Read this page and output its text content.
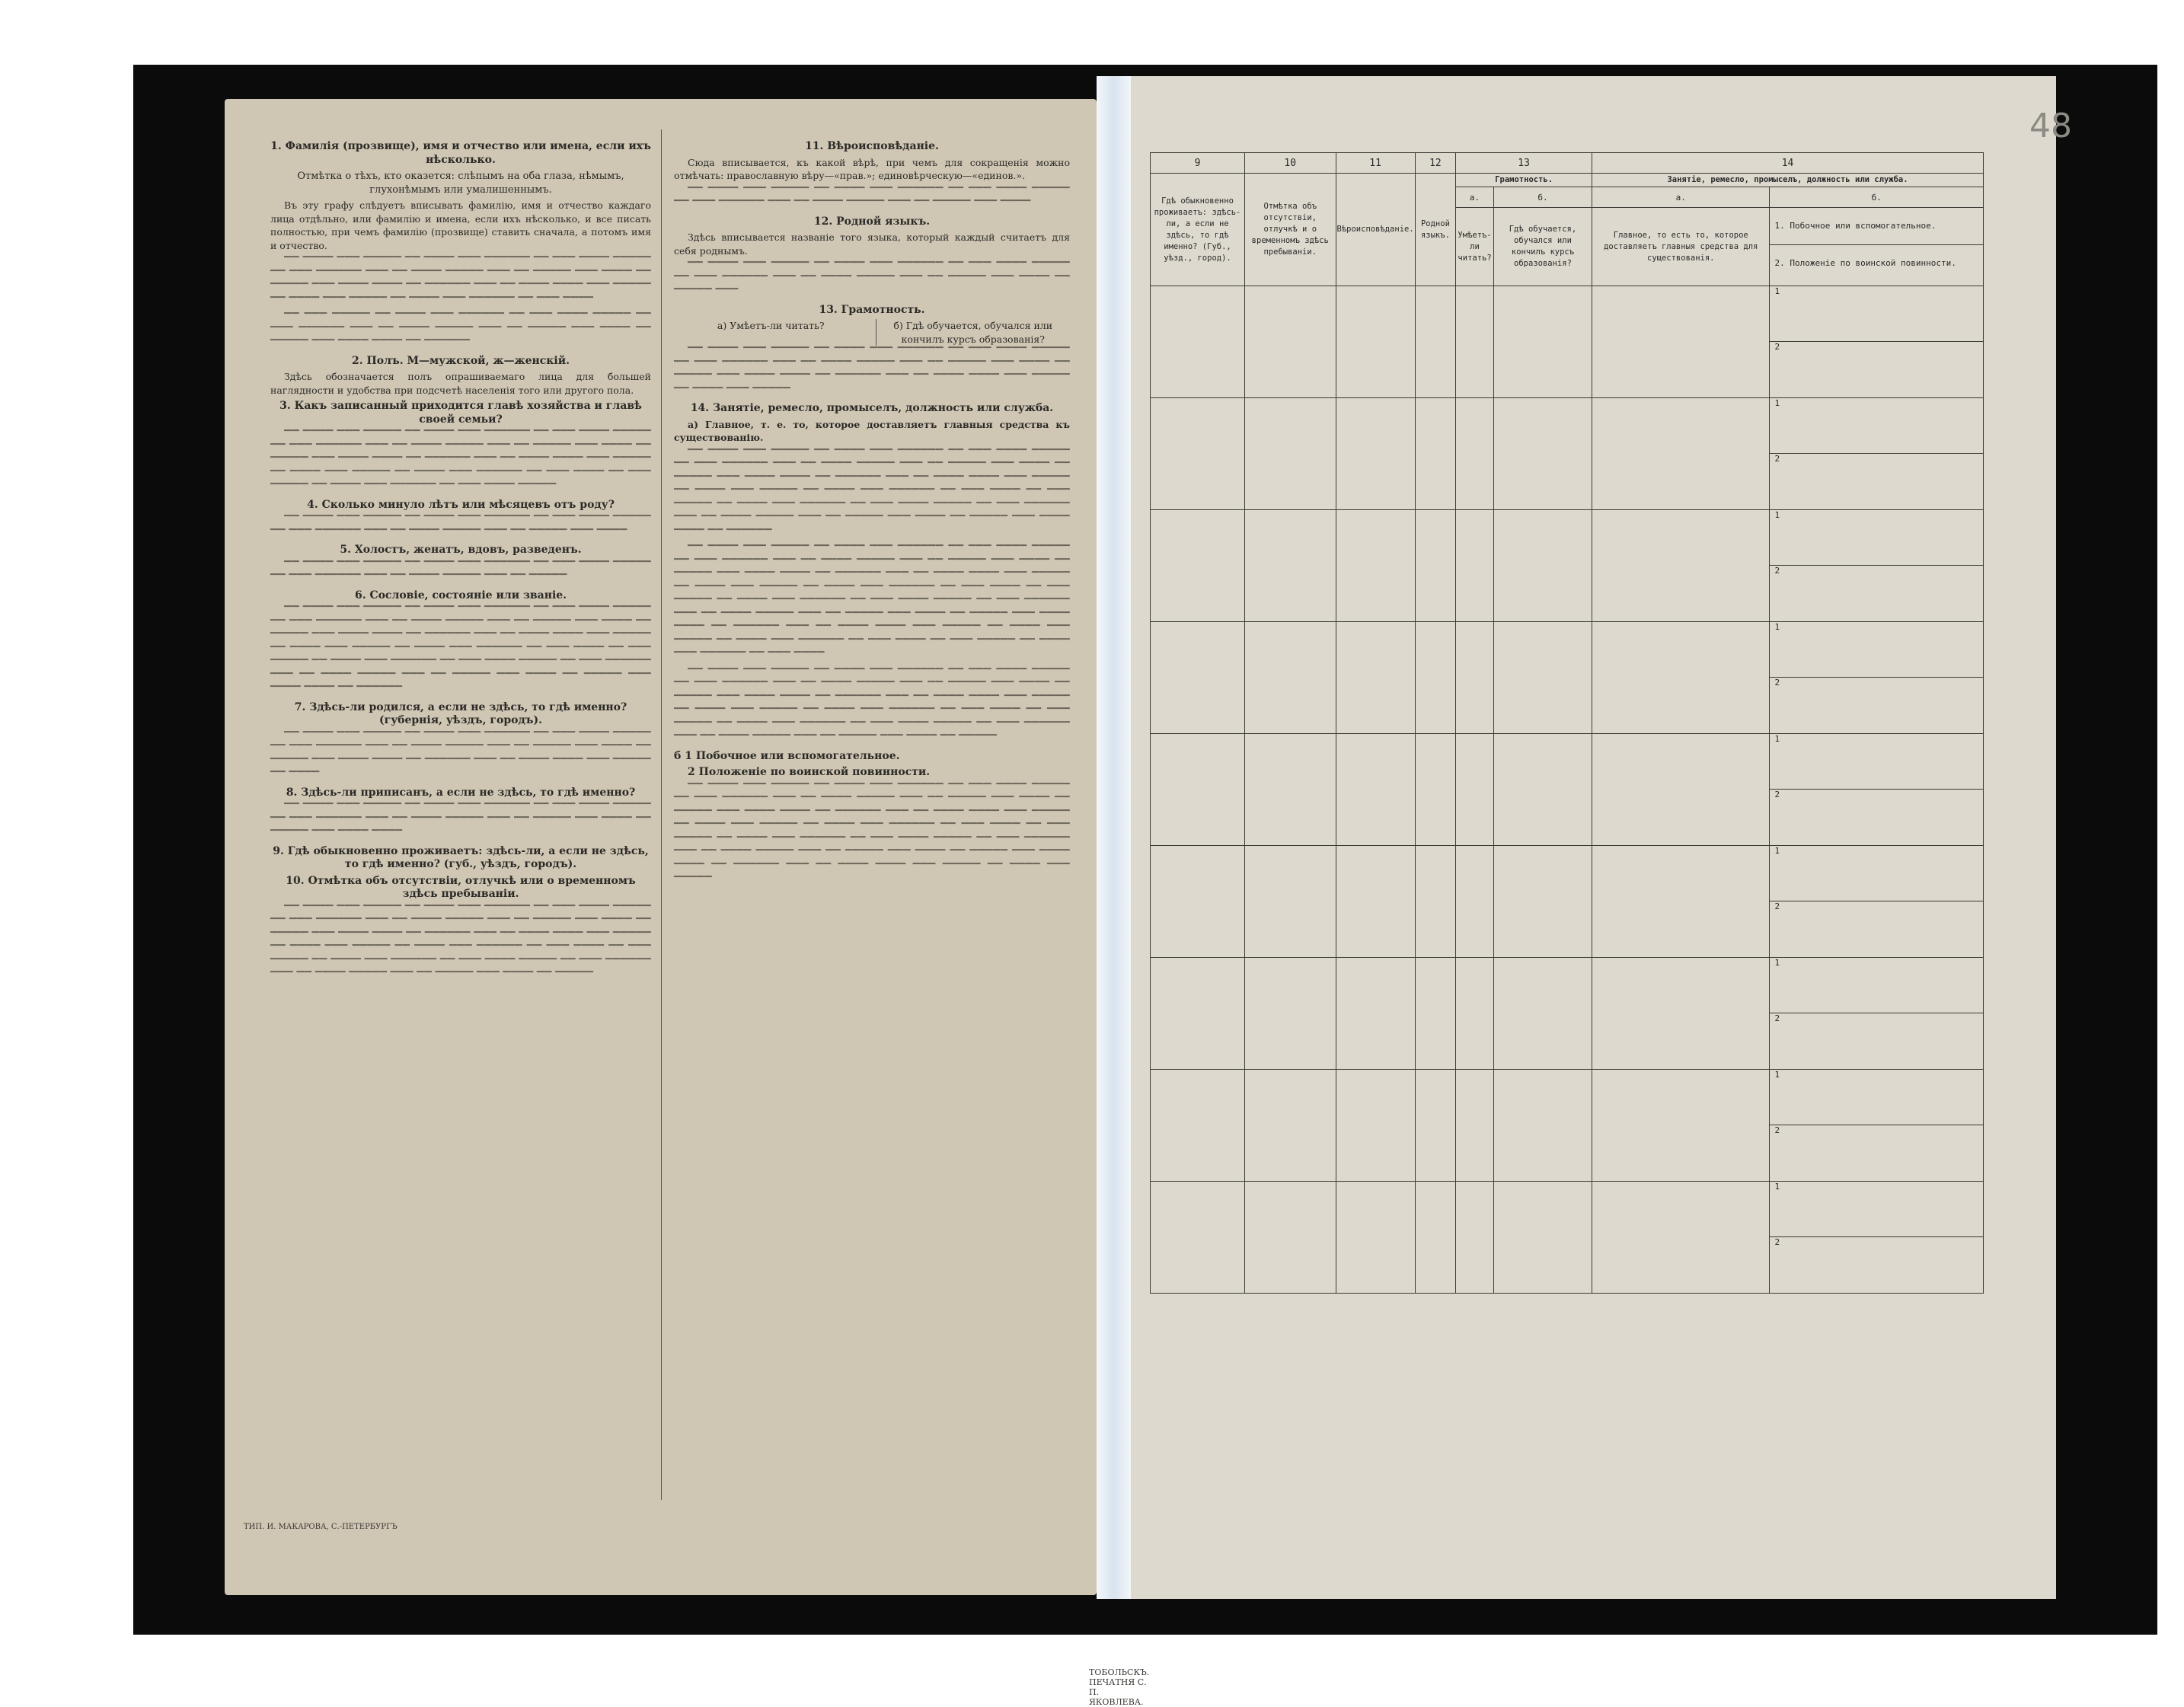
1. Фамилія (прозвище), имя и отчество или имена, если ихъ нѣсколько.
Отмѣтка о тѣхъ, кто оказется: слѣпымъ на оба глаза, нѣмымъ, глухонѣмымъ или умалишеннымъ.

Въ эту графу слѣдуетъ вписывать фамилію, имя и отчество каждаго лица отдѣльно, или фамилію и имена, если ихъ нѣсколько, и все писать полностью, при чемъ фамилію (прозвище) ставить сначала, а потомъ имя и отчество.

▔▔ ▔▔▔▔ ▔▔▔ ▔▔▔▔▔ ▔▔ ▔▔▔▔ ▔▔▔ ▔▔▔▔▔▔ ▔▔ ▔▔▔ ▔▔▔▔ ▔▔▔▔▔ ▔▔ ▔▔▔ ▔▔▔▔▔▔ ▔▔▔ ▔▔ ▔▔▔▔ ▔▔▔▔▔ ▔▔▔ ▔▔ ▔▔▔▔▔ ▔▔▔ ▔▔▔▔ ▔▔ ▔▔▔▔▔ ▔▔▔ ▔▔▔▔ ▔▔▔▔ ▔▔ ▔▔▔▔▔▔ ▔▔▔ ▔▔ ▔▔▔▔ ▔▔▔▔ ▔▔▔ ▔▔▔▔▔ ▔▔ ▔▔▔▔ ▔▔▔ ▔▔▔▔▔ ▔▔ ▔▔▔▔ ▔▔▔ ▔▔▔▔▔▔ ▔▔ ▔▔▔ ▔▔▔▔

▔▔ ▔▔▔ ▔▔▔▔▔ ▔▔ ▔▔▔▔ ▔▔▔ ▔▔▔▔▔▔ ▔▔ ▔▔▔ ▔▔▔▔ ▔▔▔▔▔ ▔▔ ▔▔▔ ▔▔▔▔▔▔ ▔▔▔ ▔▔ ▔▔▔▔ ▔▔▔▔▔ ▔▔▔ ▔▔ ▔▔▔▔▔ ▔▔▔ ▔▔▔▔ ▔▔ ▔▔▔▔▔ ▔▔▔ ▔▔▔▔ ▔▔▔▔ ▔▔ ▔▔▔▔▔▔

2. Полъ. М—мужской, ж—женскій.

Здѣсь обозначается полъ опрашиваемаго лица для большей наглядности и удобства при подсчетѣ населенія того или другого пола.

3. Какъ записанный приходится главѣ хозяйства и главѣ своей семьи?

▔▔ ▔▔▔▔ ▔▔▔ ▔▔▔▔▔ ▔▔ ▔▔▔▔ ▔▔▔ ▔▔▔▔▔▔ ▔▔ ▔▔▔ ▔▔▔▔ ▔▔▔▔▔ ▔▔ ▔▔▔ ▔▔▔▔▔▔ ▔▔▔ ▔▔ ▔▔▔▔ ▔▔▔▔▔ ▔▔▔ ▔▔ ▔▔▔▔▔ ▔▔▔ ▔▔▔▔ ▔▔ ▔▔▔▔▔ ▔▔▔ ▔▔▔▔ ▔▔▔▔ ▔▔ ▔▔▔▔▔▔ ▔▔▔ ▔▔ ▔▔▔▔ ▔▔▔▔ ▔▔▔ ▔▔▔▔▔ ▔▔ ▔▔▔▔ ▔▔▔ ▔▔▔▔▔ ▔▔ ▔▔▔▔ ▔▔▔ ▔▔▔▔▔▔ ▔▔ ▔▔▔ ▔▔▔▔ ▔▔ ▔▔▔ ▔▔▔▔▔ ▔▔ ▔▔▔▔ ▔▔▔ ▔▔▔▔▔▔ ▔▔ ▔▔▔ ▔▔▔▔ ▔▔▔▔▔

4. Сколько минуло лѣтъ или мѣсяцевъ отъ роду?

▔▔ ▔▔▔▔ ▔▔▔ ▔▔▔▔▔ ▔▔ ▔▔▔▔ ▔▔▔ ▔▔▔▔▔▔ ▔▔ ▔▔▔ ▔▔▔▔ ▔▔▔▔▔ ▔▔ ▔▔▔ ▔▔▔▔▔▔ ▔▔▔ ▔▔ ▔▔▔▔ ▔▔▔▔▔ ▔▔▔ ▔▔ ▔▔▔▔▔ ▔▔▔ ▔▔▔▔

5. Холостъ, женатъ, вдовъ, разведенъ.

▔▔ ▔▔▔▔ ▔▔▔ ▔▔▔▔▔ ▔▔ ▔▔▔▔ ▔▔▔ ▔▔▔▔▔▔ ▔▔ ▔▔▔ ▔▔▔▔ ▔▔▔▔▔ ▔▔ ▔▔▔ ▔▔▔▔▔▔ ▔▔▔ ▔▔ ▔▔▔▔ ▔▔▔▔▔ ▔▔▔ ▔▔ ▔▔▔▔▔

6. Сословіе, состояніе или званіе.

▔▔ ▔▔▔▔ ▔▔▔ ▔▔▔▔▔ ▔▔ ▔▔▔▔ ▔▔▔ ▔▔▔▔▔▔ ▔▔ ▔▔▔ ▔▔▔▔ ▔▔▔▔▔ ▔▔ ▔▔▔ ▔▔▔▔▔▔ ▔▔▔ ▔▔ ▔▔▔▔ ▔▔▔▔▔ ▔▔▔ ▔▔ ▔▔▔▔▔ ▔▔▔ ▔▔▔▔ ▔▔ ▔▔▔▔▔ ▔▔▔ ▔▔▔▔ ▔▔▔▔ ▔▔ ▔▔▔▔▔▔ ▔▔▔ ▔▔ ▔▔▔▔ ▔▔▔▔ ▔▔▔ ▔▔▔▔▔ ▔▔ ▔▔▔▔ ▔▔▔ ▔▔▔▔▔ ▔▔ ▔▔▔▔ ▔▔▔ ▔▔▔▔▔▔ ▔▔ ▔▔▔ ▔▔▔▔ ▔▔ ▔▔▔ ▔▔▔▔▔ ▔▔ ▔▔▔▔ ▔▔▔ ▔▔▔▔▔▔ ▔▔ ▔▔▔ ▔▔▔▔ ▔▔▔▔▔ ▔▔ ▔▔▔ ▔▔▔▔▔▔ ▔▔▔ ▔▔ ▔▔▔▔ ▔▔▔▔▔ ▔▔▔ ▔▔ ▔▔▔▔▔ ▔▔▔ ▔▔▔▔ ▔▔ ▔▔▔▔▔ ▔▔▔ ▔▔▔▔ ▔▔▔▔ ▔▔ ▔▔▔▔▔▔

7. Здѣсь-ли родился, а если не здѣсь, то гдѣ именно? (губернія, уѣздъ, городъ).

▔▔ ▔▔▔▔ ▔▔▔ ▔▔▔▔▔ ▔▔ ▔▔▔▔ ▔▔▔ ▔▔▔▔▔▔ ▔▔ ▔▔▔ ▔▔▔▔ ▔▔▔▔▔ ▔▔ ▔▔▔ ▔▔▔▔▔▔ ▔▔▔ ▔▔ ▔▔▔▔ ▔▔▔▔▔ ▔▔▔ ▔▔ ▔▔▔▔▔ ▔▔▔ ▔▔▔▔ ▔▔ ▔▔▔▔▔ ▔▔▔ ▔▔▔▔ ▔▔▔▔ ▔▔ ▔▔▔▔▔▔ ▔▔▔ ▔▔ ▔▔▔▔ ▔▔▔▔ ▔▔▔ ▔▔▔▔▔ ▔▔ ▔▔▔▔

8. Здѣсь-ли приписанъ, а если не здѣсь, то гдѣ именно?

▔▔ ▔▔▔▔ ▔▔▔ ▔▔▔▔▔ ▔▔ ▔▔▔▔ ▔▔▔ ▔▔▔▔▔▔ ▔▔ ▔▔▔ ▔▔▔▔ ▔▔▔▔▔ ▔▔ ▔▔▔ ▔▔▔▔▔▔ ▔▔▔ ▔▔ ▔▔▔▔ ▔▔▔▔▔ ▔▔▔ ▔▔ ▔▔▔▔▔ ▔▔▔ ▔▔▔▔ ▔▔ ▔▔▔▔▔ ▔▔▔ ▔▔▔▔ ▔▔▔▔

9. Гдѣ обыкновенно проживаетъ: здѣсь-ли, а если не здѣсь, то гдѣ именно? (губ., уѣздъ, городъ).
10. Отмѣтка объ отсутствіи, отлучкѣ или о временномъ здѣсь пребываніи.

▔▔ ▔▔▔▔ ▔▔▔ ▔▔▔▔▔ ▔▔ ▔▔▔▔ ▔▔▔ ▔▔▔▔▔▔ ▔▔ ▔▔▔ ▔▔▔▔ ▔▔▔▔▔ ▔▔ ▔▔▔ ▔▔▔▔▔▔ ▔▔▔ ▔▔ ▔▔▔▔ ▔▔▔▔▔ ▔▔▔ ▔▔ ▔▔▔▔▔ ▔▔▔ ▔▔▔▔ ▔▔ ▔▔▔▔▔ ▔▔▔ ▔▔▔▔ ▔▔▔▔ ▔▔ ▔▔▔▔▔▔ ▔▔▔ ▔▔ ▔▔▔▔ ▔▔▔▔ ▔▔▔ ▔▔▔▔▔ ▔▔ ▔▔▔▔ ▔▔▔ ▔▔▔▔▔ ▔▔ ▔▔▔▔ ▔▔▔ ▔▔▔▔▔▔ ▔▔ ▔▔▔ ▔▔▔▔ ▔▔ ▔▔▔ ▔▔▔▔▔ ▔▔ ▔▔▔▔ ▔▔▔ ▔▔▔▔▔▔ ▔▔ ▔▔▔ ▔▔▔▔ ▔▔▔▔▔ ▔▔ ▔▔▔ ▔▔▔▔▔▔ ▔▔▔ ▔▔ ▔▔▔▔ ▔▔▔▔▔ ▔▔▔ ▔▔ ▔▔▔▔▔ ▔▔▔ ▔▔▔▔ ▔▔ ▔▔▔▔▔

11. Вѣроисповѣданіе.

Сюда вписывается, къ какой вѣрѣ, при чемъ для сокращенія можно отмѣчать: православную вѣру—«прав.»; единовѣрческую—«единов.».

▔▔ ▔▔▔▔ ▔▔▔ ▔▔▔▔▔ ▔▔ ▔▔▔▔ ▔▔▔ ▔▔▔▔▔▔ ▔▔ ▔▔▔ ▔▔▔▔ ▔▔▔▔▔ ▔▔ ▔▔▔ ▔▔▔▔▔▔ ▔▔▔ ▔▔ ▔▔▔▔ ▔▔▔▔▔ ▔▔▔ ▔▔ ▔▔▔▔▔ ▔▔▔ ▔▔▔▔

12. Родной языкъ.

Здѣсь вписывается названіе того языка, который каждый считаетъ для себя роднымъ.

▔▔ ▔▔▔▔ ▔▔▔ ▔▔▔▔▔ ▔▔ ▔▔▔▔ ▔▔▔ ▔▔▔▔▔▔ ▔▔ ▔▔▔ ▔▔▔▔ ▔▔▔▔▔ ▔▔ ▔▔▔ ▔▔▔▔▔▔ ▔▔▔ ▔▔ ▔▔▔▔ ▔▔▔▔▔ ▔▔▔ ▔▔ ▔▔▔▔▔ ▔▔▔ ▔▔▔▔ ▔▔ ▔▔▔▔▔ ▔▔▔

13. Грамотность.
а) Умѣетъ-ли читать?	б) Гдѣ обучается, обучался или кончилъ курсъ образованія?

▔▔ ▔▔▔▔ ▔▔▔ ▔▔▔▔▔ ▔▔ ▔▔▔▔ ▔▔▔ ▔▔▔▔▔▔ ▔▔ ▔▔▔ ▔▔▔▔ ▔▔▔▔▔ ▔▔ ▔▔▔ ▔▔▔▔▔▔ ▔▔▔ ▔▔ ▔▔▔▔ ▔▔▔▔▔ ▔▔▔ ▔▔ ▔▔▔▔▔ ▔▔▔ ▔▔▔▔ ▔▔ ▔▔▔▔▔ ▔▔▔ ▔▔▔▔ ▔▔▔▔ ▔▔ ▔▔▔▔▔▔ ▔▔▔ ▔▔ ▔▔▔▔ ▔▔▔▔ ▔▔▔ ▔▔▔▔▔ ▔▔ ▔▔▔▔ ▔▔▔ ▔▔▔▔▔

14. Занятіе, ремесло, промыселъ, должность или служба.

а) Главное, т. е. то, которое доставляетъ главныя средства къ существованію.

▔▔ ▔▔▔▔ ▔▔▔ ▔▔▔▔▔ ▔▔ ▔▔▔▔ ▔▔▔ ▔▔▔▔▔▔ ▔▔ ▔▔▔ ▔▔▔▔ ▔▔▔▔▔ ▔▔ ▔▔▔ ▔▔▔▔▔▔ ▔▔▔ ▔▔ ▔▔▔▔ ▔▔▔▔▔ ▔▔▔ ▔▔ ▔▔▔▔▔ ▔▔▔ ▔▔▔▔ ▔▔ ▔▔▔▔▔ ▔▔▔ ▔▔▔▔ ▔▔▔▔ ▔▔ ▔▔▔▔▔▔ ▔▔▔ ▔▔ ▔▔▔▔ ▔▔▔▔ ▔▔▔ ▔▔▔▔▔ ▔▔ ▔▔▔▔ ▔▔▔ ▔▔▔▔▔ ▔▔ ▔▔▔▔ ▔▔▔ ▔▔▔▔▔▔ ▔▔ ▔▔▔ ▔▔▔▔ ▔▔ ▔▔▔ ▔▔▔▔▔ ▔▔ ▔▔▔▔ ▔▔▔ ▔▔▔▔▔▔ ▔▔ ▔▔▔ ▔▔▔▔ ▔▔▔▔▔ ▔▔ ▔▔▔ ▔▔▔▔▔▔ ▔▔▔ ▔▔ ▔▔▔▔ ▔▔▔▔▔ ▔▔▔ ▔▔ ▔▔▔▔▔ ▔▔▔ ▔▔▔▔ ▔▔ ▔▔▔▔▔ ▔▔▔ ▔▔▔▔ ▔▔▔▔ ▔▔ ▔▔▔▔▔▔

▔▔ ▔▔▔▔ ▔▔▔ ▔▔▔▔▔ ▔▔ ▔▔▔▔ ▔▔▔ ▔▔▔▔▔▔ ▔▔ ▔▔▔ ▔▔▔▔ ▔▔▔▔▔ ▔▔ ▔▔▔ ▔▔▔▔▔▔ ▔▔▔ ▔▔ ▔▔▔▔ ▔▔▔▔▔ ▔▔▔ ▔▔ ▔▔▔▔▔ ▔▔▔ ▔▔▔▔ ▔▔ ▔▔▔▔▔ ▔▔▔ ▔▔▔▔ ▔▔▔▔ ▔▔ ▔▔▔▔▔▔ ▔▔▔ ▔▔ ▔▔▔▔ ▔▔▔▔ ▔▔▔ ▔▔▔▔▔ ▔▔ ▔▔▔▔ ▔▔▔ ▔▔▔▔▔ ▔▔ ▔▔▔▔ ▔▔▔ ▔▔▔▔▔▔ ▔▔ ▔▔▔ ▔▔▔▔ ▔▔ ▔▔▔ ▔▔▔▔▔ ▔▔ ▔▔▔▔ ▔▔▔ ▔▔▔▔▔▔ ▔▔ ▔▔▔ ▔▔▔▔ ▔▔▔▔▔ ▔▔ ▔▔▔ ▔▔▔▔▔▔ ▔▔▔ ▔▔ ▔▔▔▔ ▔▔▔▔▔ ▔▔▔ ▔▔ ▔▔▔▔▔ ▔▔▔ ▔▔▔▔ ▔▔ ▔▔▔▔▔ ▔▔▔ ▔▔▔▔ ▔▔▔▔ ▔▔ ▔▔▔▔▔▔ ▔▔▔ ▔▔ ▔▔▔▔ ▔▔▔▔ ▔▔▔ ▔▔▔▔▔ ▔▔ ▔▔▔▔ ▔▔▔ ▔▔▔▔▔ ▔▔ ▔▔▔▔ ▔▔▔ ▔▔▔▔▔▔ ▔▔ ▔▔▔ ▔▔▔▔ ▔▔ ▔▔▔ ▔▔▔▔▔ ▔▔ ▔▔▔▔ ▔▔▔ ▔▔▔▔▔▔ ▔▔ ▔▔▔ ▔▔▔▔

▔▔ ▔▔▔▔ ▔▔▔ ▔▔▔▔▔ ▔▔ ▔▔▔▔ ▔▔▔ ▔▔▔▔▔▔ ▔▔ ▔▔▔ ▔▔▔▔ ▔▔▔▔▔ ▔▔ ▔▔▔ ▔▔▔▔▔▔ ▔▔▔ ▔▔ ▔▔▔▔ ▔▔▔▔▔ ▔▔▔ ▔▔ ▔▔▔▔▔ ▔▔▔ ▔▔▔▔ ▔▔ ▔▔▔▔▔ ▔▔▔ ▔▔▔▔ ▔▔▔▔ ▔▔ ▔▔▔▔▔▔ ▔▔▔ ▔▔ ▔▔▔▔ ▔▔▔▔ ▔▔▔ ▔▔▔▔▔ ▔▔ ▔▔▔▔ ▔▔▔ ▔▔▔▔▔ ▔▔ ▔▔▔▔ ▔▔▔ ▔▔▔▔▔▔ ▔▔ ▔▔▔ ▔▔▔▔ ▔▔ ▔▔▔ ▔▔▔▔▔ ▔▔ ▔▔▔▔ ▔▔▔ ▔▔▔▔▔▔ ▔▔ ▔▔▔ ▔▔▔▔ ▔▔▔▔▔ ▔▔ ▔▔▔ ▔▔▔▔▔▔ ▔▔▔ ▔▔ ▔▔▔▔ ▔▔▔▔▔ ▔▔▔ ▔▔ ▔▔▔▔▔ ▔▔▔ ▔▔▔▔ ▔▔ ▔▔▔▔▔

б 1 Побочное или вспомогательное.
2 Положеніе по воинской повинности.

▔▔ ▔▔▔▔ ▔▔▔ ▔▔▔▔▔ ▔▔ ▔▔▔▔ ▔▔▔ ▔▔▔▔▔▔ ▔▔ ▔▔▔ ▔▔▔▔ ▔▔▔▔▔ ▔▔ ▔▔▔ ▔▔▔▔▔▔ ▔▔▔ ▔▔ ▔▔▔▔ ▔▔▔▔▔ ▔▔▔ ▔▔ ▔▔▔▔▔ ▔▔▔ ▔▔▔▔ ▔▔ ▔▔▔▔▔ ▔▔▔ ▔▔▔▔ ▔▔▔▔ ▔▔ ▔▔▔▔▔▔ ▔▔▔ ▔▔ ▔▔▔▔ ▔▔▔▔ ▔▔▔ ▔▔▔▔▔ ▔▔ ▔▔▔▔ ▔▔▔ ▔▔▔▔▔ ▔▔ ▔▔▔▔ ▔▔▔ ▔▔▔▔▔▔ ▔▔ ▔▔▔ ▔▔▔▔ ▔▔ ▔▔▔ ▔▔▔▔▔ ▔▔ ▔▔▔▔ ▔▔▔ ▔▔▔▔▔▔ ▔▔ ▔▔▔ ▔▔▔▔ ▔▔▔▔▔ ▔▔ ▔▔▔ ▔▔▔▔▔▔ ▔▔▔ ▔▔ ▔▔▔▔ ▔▔▔▔▔ ▔▔▔ ▔▔ ▔▔▔▔▔ ▔▔▔ ▔▔▔▔ ▔▔ ▔▔▔▔▔ ▔▔▔ ▔▔▔▔ ▔▔▔▔ ▔▔ ▔▔▔▔▔▔ ▔▔▔ ▔▔ ▔▔▔▔ ▔▔▔▔ ▔▔▔ ▔▔▔▔▔ ▔▔ ▔▔▔▔ ▔▔▔ ▔▔▔▔▔

ТИП. И. МАКАРОВА, С.-ПЕТЕРБУРГЪ
ТОБОЛЬСКЪ. ПЕЧАТНЯ С. П. ЯКОВЛЕВА.
48
9	10	11	12	13		14	
Гдѣ обыкновенно проживаетъ: здѣсь-ли, а если не здѣсь, то гдѣ именно? (Губ., уѣзд., город).	Отмѣтка объ отсутствіи, отлучкѣ и о временномъ здѣсь пребываніи.	Вѣроисповѣданіе.	Родной языкъ.	Грамотность.		Занятіе, ремесло, промыселъ, должность или служба.	
				а.	б.	а.	б.
				Умѣетъ-ли читать?	Гдѣ обучается, обучался или кончилъ курсъ образованія?	Главное, то есть то, которое доставляетъ главныя средства для существованія.	1. Побочное или вспомогательное.
2. Положеніе по воинской повинности.

							1
2

							1
2

							1
2

							1
2

							1
2

							1
2

							1
2

							1
2

							1
2
